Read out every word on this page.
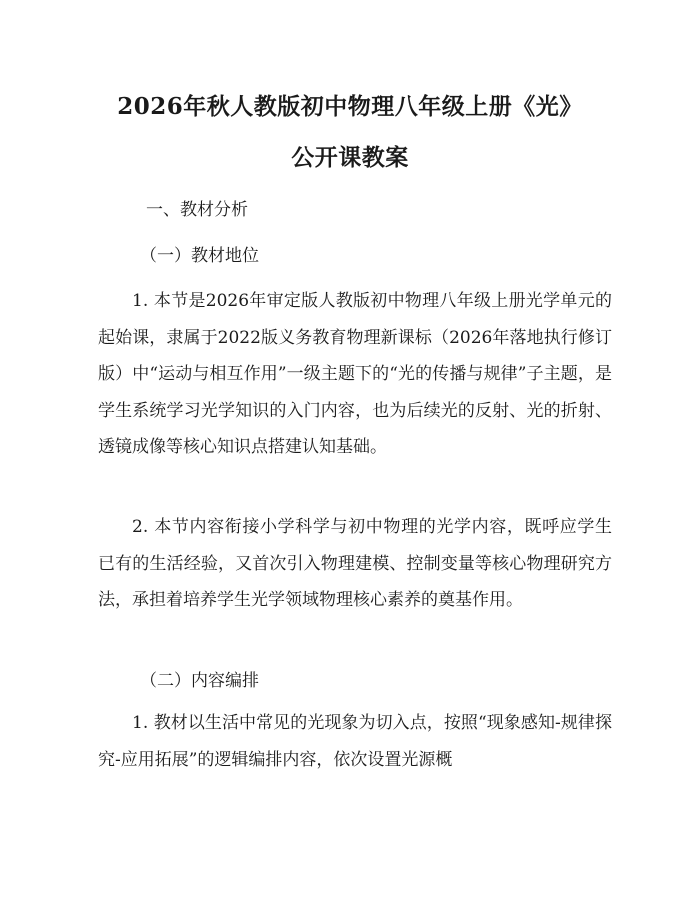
2026年秋人教版初中物理八年级上册《光》
公开课教案
一、教材分析
（一）教材地位

1. 本节是2026年审定版人教版初中物理八年级上册光学单元的起始课，隶属于2022版义务教育物理新课标（2026年落地执行修订版）中“运动与相互作用”一级主题下的“光的传播与规律”子主题，是学生系统学习光学知识的入门内容，也为后续光的反射、光的折射、透镜成像等核心知识点搭建认知基础。

2. 本节内容衔接小学科学与初中物理的光学内容，既呼应学生已有的生活经验，又首次引入物理建模、控制变量等核心物理研究方法，承担着培养学生光学领域物理核心素养的奠基作用。

（二）内容编排

1. 教材以生活中常见的光现象为切入点，按照“现象感知-规律探究-应用拓展”的逻辑编排内容，依次设置光源概
